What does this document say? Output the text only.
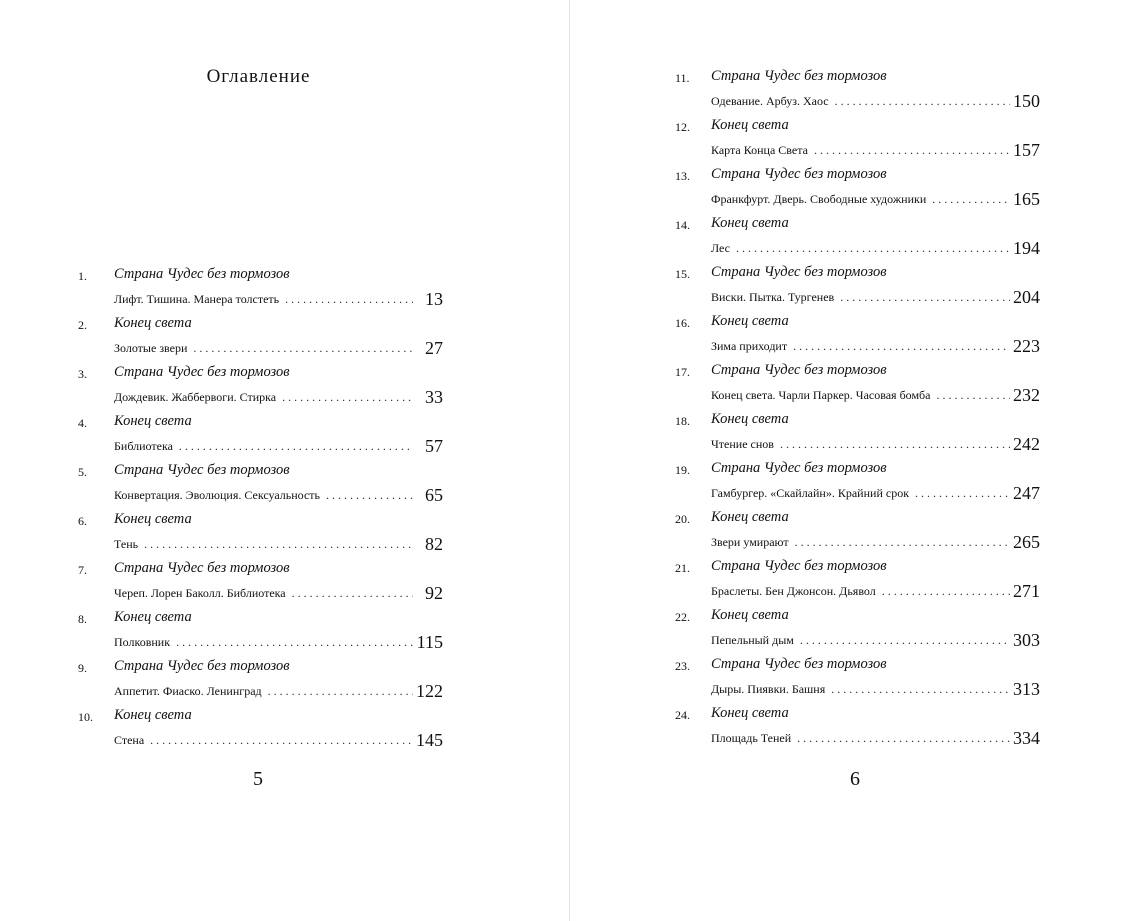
Оглавление
1. Страна Чудес без тормозов
Лифт. Тишина. Манера толстеть . . .	13
2. Конец света
Золотые звери . . .	27
3. Страна Чудес без тормозов
Дождевик. Жаббервоги. Стирка . . .	33
4. Конец света
Библиотека . . .	57
5. Страна Чудес без тормозов
Конвертация. Эволюция. Сексуальность . . .	65
6. Конец света
Тень . . .	82
7. Страна Чудес без тормозов
Череп. Лорен Баколл. Библиотека . . .	92
8. Конец света
Полковник . . .	115
9. Страна Чудес без тормозов
Аппетит. Фиаско. Ленинград . . .	122
10. Конец света
Стена . . .	145
5
11. Страна Чудес без тормозов
Одевание. Арбуз. Хаос . . .	150
12. Конец света
Карта Конца Света . . .	157
13. Страна Чудес без тормозов
Франкфурт. Дверь. Свободные художники . . .	165
14. Конец света
Лес . . .	194
15. Страна Чудес без тормозов
Виски. Пытка. Тургенев . . .	204
16. Конец света
Зима приходит . . .	223
17. Страна Чудес без тормозов
Конец света. Чарли Паркер. Часовая бомба . . .	232
18. Конец света
Чтение снов . . .	242
19. Страна Чудес без тормозов
Гамбургер. «Скайлайн». Крайний срок . . .	247
20. Конец света
Звери умирают . . .	265
21. Страна Чудес без тормозов
Браслеты. Бен Джонсон. Дьявол . . .	271
22. Конец света
Пепельный дым . . .	303
23. Страна Чудес без тормозов
Дыры. Пиявки. Башня . . .	313
24. Конец света
Площадь Теней . . .	334
6
